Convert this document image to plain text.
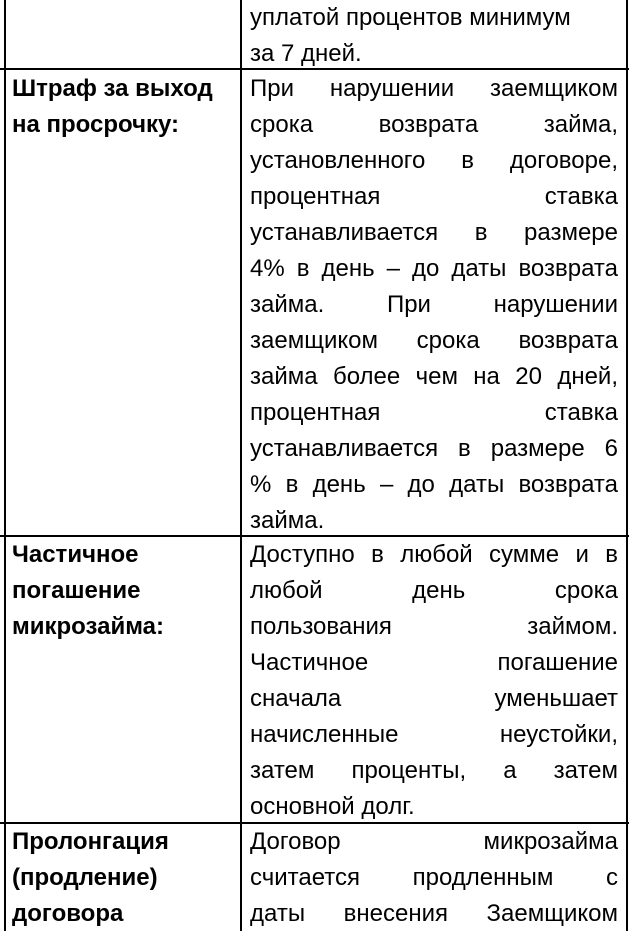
уплатой процентов минимум
за 7 дней.
Штраф за выход
на просрочку:
При нарушении заемщиком
срока возврата займа,
установленного в договоре,
процентная ставка
устанавливается в размере
4% в день – до даты возврата
займа. При нарушении
заемщиком срока возврата
займа более чем на 20 дней,
процентная ставка
устанавливается в размере 6
% в день – до даты возврата
займа.
Частичное
погашение
микрозайма:
Доступно в любой сумме и в
любой день срока
пользования займом.
Частичное погашение
сначала уменьшает
начисленные неустойки,
затем проценты, а затем
основной долг.
Пролонгация
(продление)
договора
Договор микрозайма
считается продленным с
даты внесения Заемщиком
